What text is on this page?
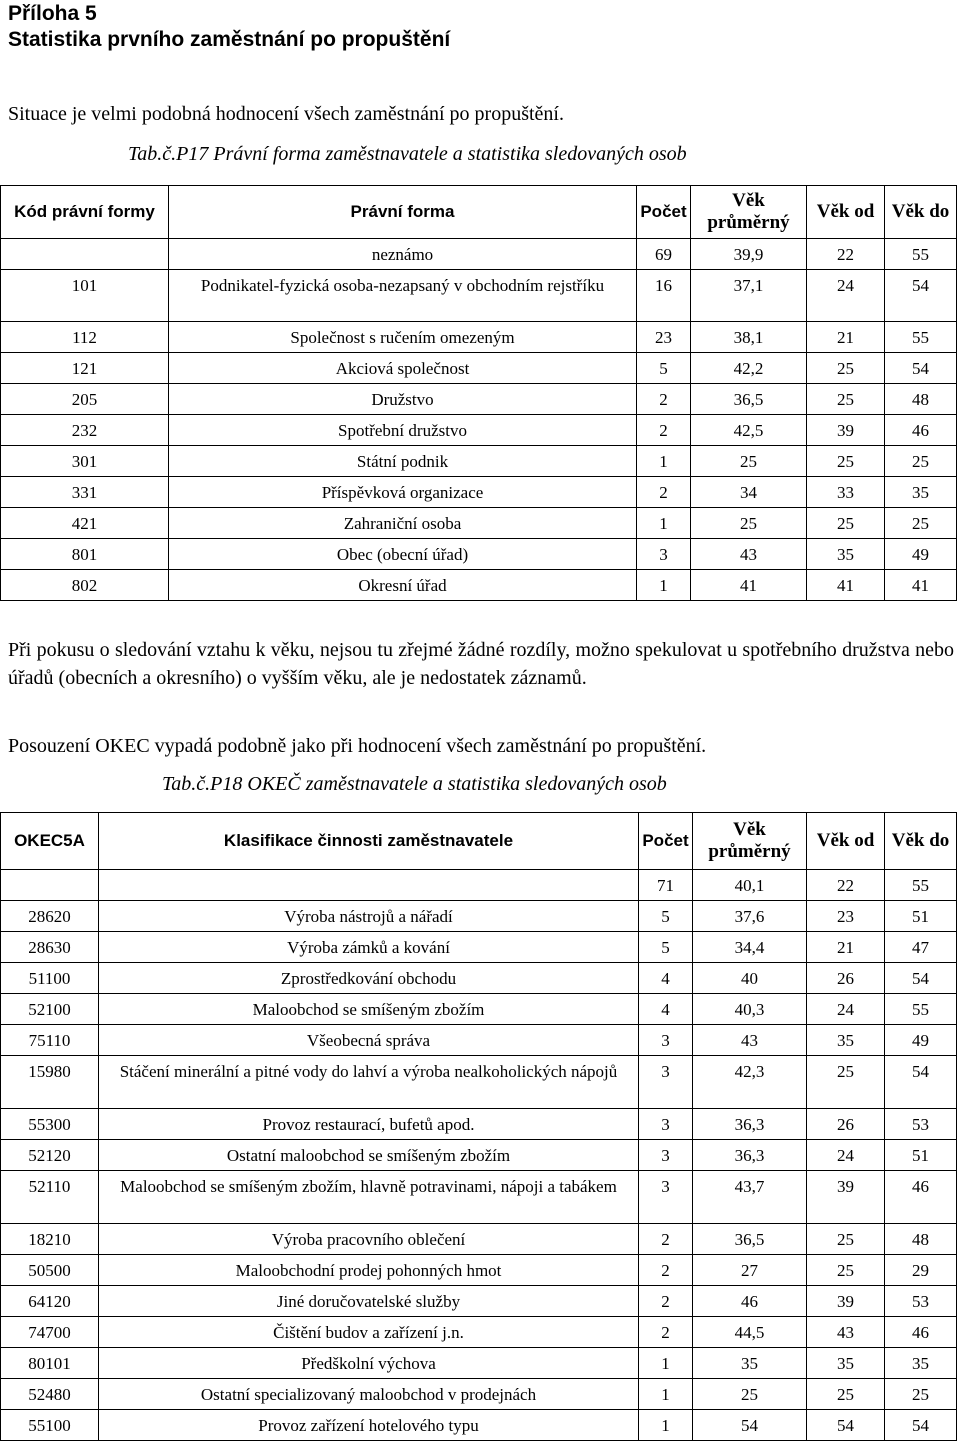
Příloha 5
Statistika prvního zaměstnání po propuštění
Situace je velmi podobná hodnocení všech zaměstnání po propuštění.
Tab.č.P17 Právní forma zaměstnavatele a statistika sledovaných osob
Kód právní formy	Právní forma	Počet	Věk průměrný	Věk od	Věk do
	neznámo	69	39,9	22	55
101	Podnikatel-fyzická osoba-nezapsaný v obchodním rejstříku	16	37,1	24	54
112	Společnost s ručením omezeným	23	38,1	21	55
121	Akciová společnost	5	42,2	25	54
205	Družstvo	2	36,5	25	48
232	Spotřební družstvo	2	42,5	39	46
301	Státní podnik	1	25	25	25
331	Příspěvková organizace	2	34	33	35
421	Zahraniční osoba	1	25	25	25
801	Obec (obecní úřad)	3	43	35	49
802	Okresní úřad	1	41	41	41
Při pokusu o sledování vztahu k věku, nejsou tu zřejmé žádné rozdíly, možno spekulovat u spotřebního družstva nebo úřadů (obecních a okresního) o vyšším věku, ale je nedostatek záznamů.
Posouzení OKEC vypadá podobně jako při hodnocení všech zaměstnání po propuštění.
Tab.č.P18 OKEČ zaměstnavatele a statistika sledovaných osob
OKEC5A	Klasifikace činnosti zaměstnavatele	Počet	Věk průměrný	Věk od	Věk do
		71	40,1	22	55
28620	Výroba nástrojů a nářadí	5	37,6	23	51
28630	Výroba zámků a kování	5	34,4	21	47
51100	Zprostředkování obchodu	4	40	26	54
52100	Maloobchod se smíšeným zbožím	4	40,3	24	55
75110	Všeobecná správa	3	43	35	49
15980	Stáčení minerální a pitné vody do lahví a výroba nealkoholických nápojů	3	42,3	25	54
55300	Provoz restaurací, bufetů apod.	3	36,3	26	53
52120	Ostatní maloobchod se smíšeným zbožím	3	36,3	24	51
52110	Maloobchod se smíšeným zbožím, hlavně potravinami, nápoji a tabákem	3	43,7	39	46
18210	Výroba pracovního oblečení	2	36,5	25	48
50500	Maloobchodní prodej pohonných hmot	2	27	25	29
64120	Jiné doručovatelské služby	2	46	39	53
74700	Čištění budov a zařízení j.n.	2	44,5	43	46
80101	Předškolní výchova	1	35	35	35
52480	Ostatní specializovaný maloobchod v prodejnách	1	25	25	25
55100	Provoz zařízení hotelového typu	1	54	54	54
